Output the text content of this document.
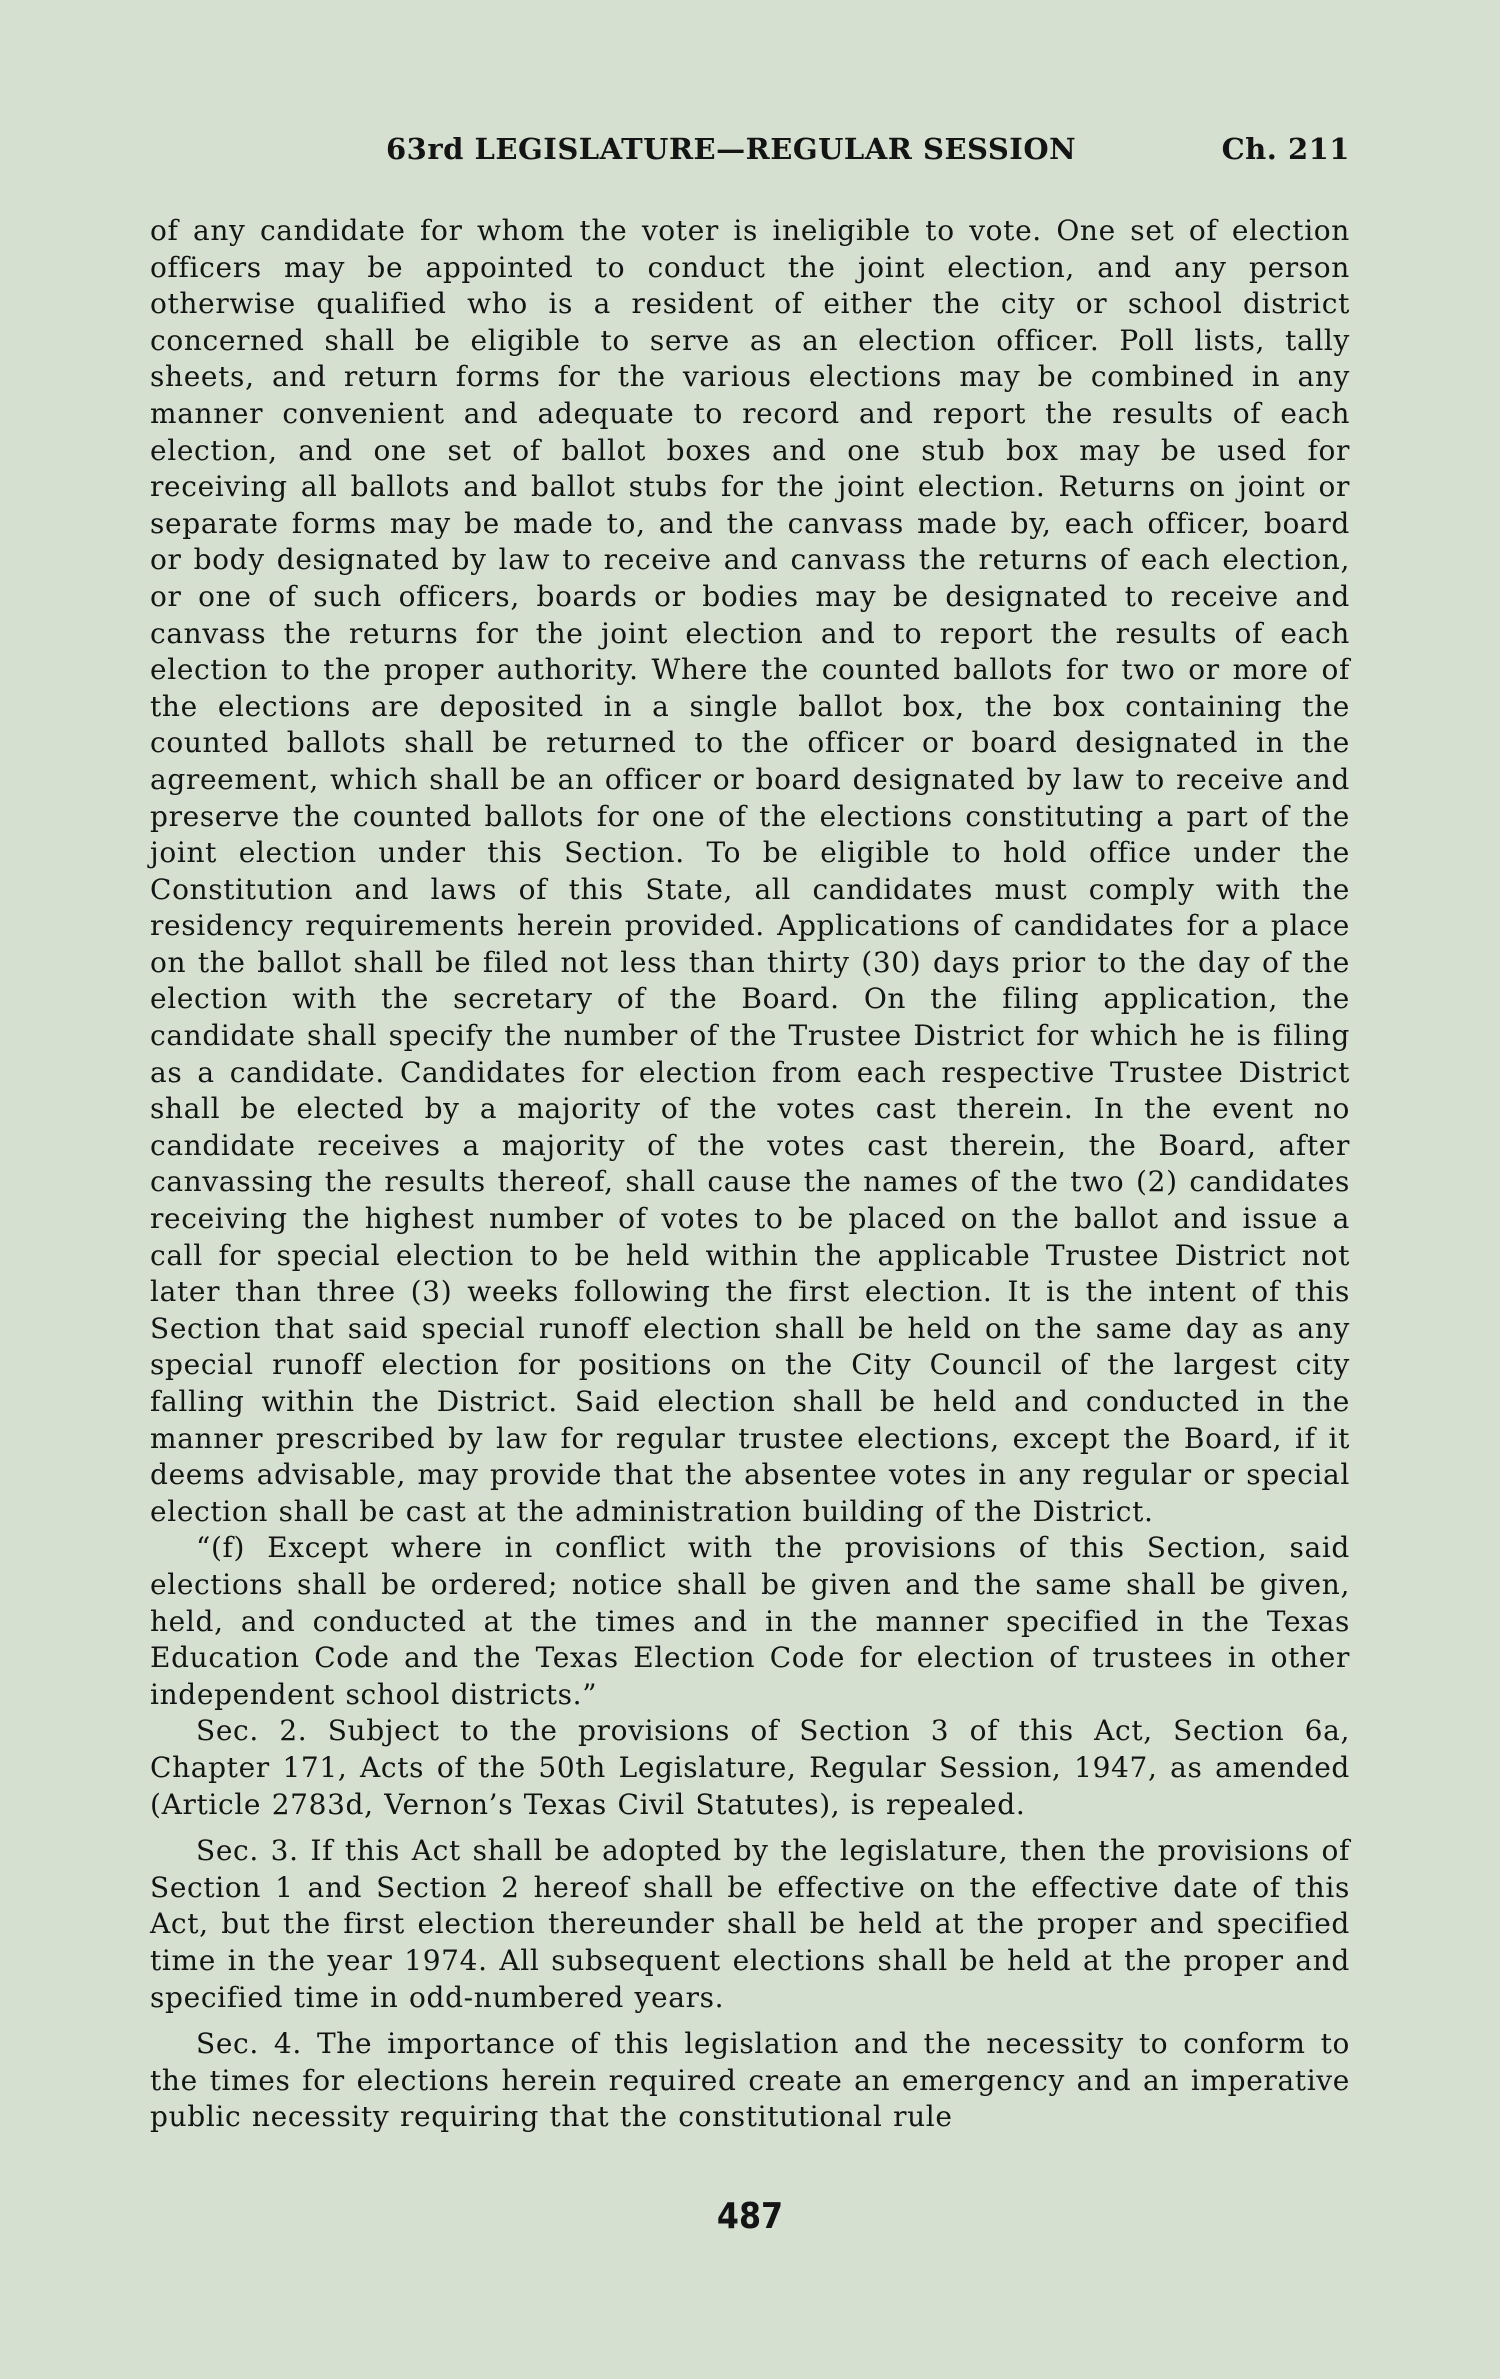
63rd LEGISLATURE—REGULAR SESSION	Ch. 211

of any candidate for whom the voter is ineligible to vote. One set of election officers may be appointed to conduct the joint election, and any person otherwise qualified who is a resident of either the city or school district concerned shall be eligible to serve as an election officer. Poll lists, tally sheets, and return forms for the various elections may be combined in any manner convenient and adequate to record and report the results of each election, and one set of ballot boxes and one stub box may be used for receiving all ballots and ballot stubs for the joint election. Returns on joint or separate forms may be made to, and the canvass made by, each officer, board or body designated by law to receive and canvass the returns of each election, or one of such officers, boards or bodies may be designated to receive and canvass the returns for the joint election and to report the results of each election to the proper authority. Where the counted ballots for two or more of the elections are deposited in a single ballot box, the box containing the counted ballots shall be returned to the officer or board designated in the agreement, which shall be an officer or board designated by law to receive and preserve the counted ballots for one of the elections constituting a part of the joint election under this Section. To be eligible to hold office under the Constitution and laws of this State, all candidates must comply with the residency requirements herein provided. Applications of candidates for a place on the ballot shall be filed not less than thirty (30) days prior to the day of the election with the secretary of the Board. On the filing application, the candidate shall specify the number of the Trustee District for which he is filing as a candidate. Candidates for election from each respective Trustee District shall be elected by a majority of the votes cast therein. In the event no candidate receives a majority of the votes cast therein, the Board, after canvassing the results thereof, shall cause the names of the two (2) candidates receiving the highest number of votes to be placed on the ballot and issue a call for special election to be held within the applicable Trustee District not later than three (3) weeks following the first election. It is the intent of this Section that said special runoff election shall be held on the same day as any special runoff election for positions on the City Council of the largest city falling within the District. Said election shall be held and conducted in the manner prescribed by law for regular trustee elections, except the Board, if it deems advisable, may provide that the absentee votes in any regular or special election shall be cast at the administration building of the District.

“(f) Except where in conflict with the provisions of this Section, said elections shall be ordered; notice shall be given and the same shall be given, held, and conducted at the times and in the manner specified in the Texas Education Code and the Texas Election Code for election of trustees in other independent school districts.”

Sec. 2. Subject to the provisions of Section 3 of this Act, Section 6a, Chapter 171, Acts of the 50th Legislature, Regular Session, 1947, as amended (Article 2783d, Vernon’s Texas Civil Statutes), is repealed.

Sec. 3. If this Act shall be adopted by the legislature, then the provisions of Section 1 and Section 2 hereof shall be effective on the effective date of this Act, but the first election thereunder shall be held at the proper and specified time in the year 1974. All subsequent elections shall be held at the proper and specified time in odd-numbered years.

Sec. 4. The importance of this legislation and the necessity to conform to the times for elections herein required create an emergency and an imperative public necessity requiring that the constitutional rule

487
